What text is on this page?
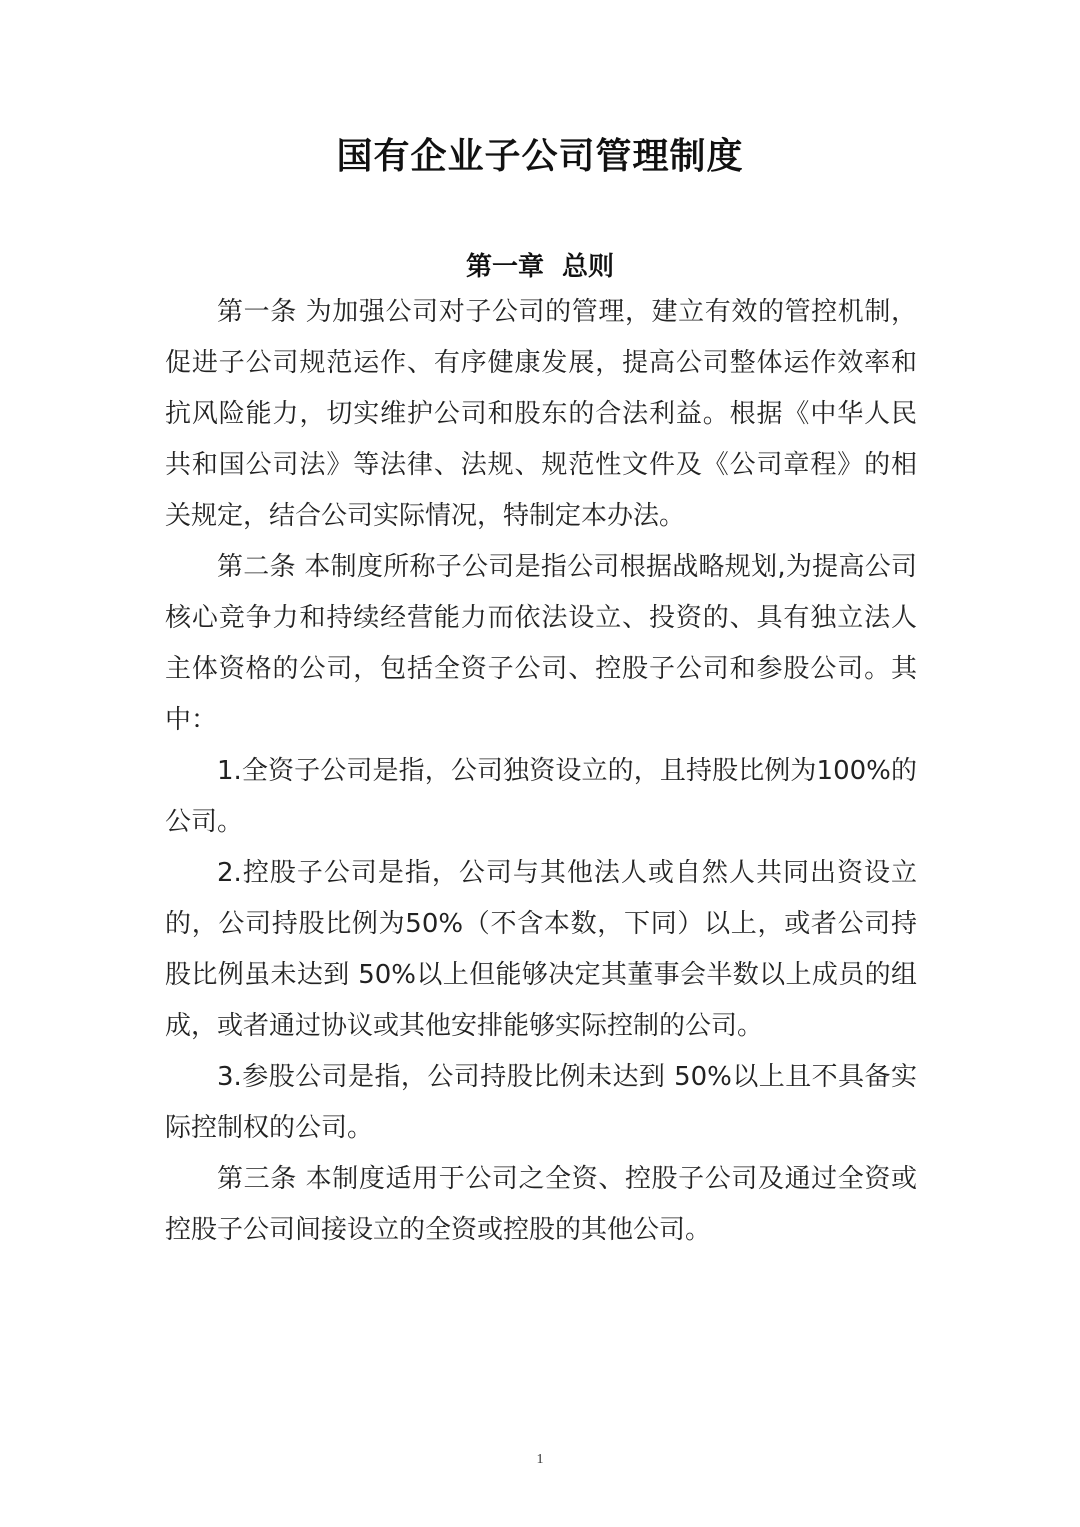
国有企业子公司管理制度
第一章  总则

第一条 为加强公司对子公司的管理，建立有效的管控机制，促进子公司规范运作、有序健康发展，提高公司整体运作效率和抗风险能力，切实维护公司和股东的合法利益。根据《中华人民共和国公司法》等法律、法规、规范性文件及《公司章程》的相关规定，结合公司实际情况，特制定本办法。

第二条 本制度所称子公司是指公司根据战略规划,为提高公司核心竞争力和持续经营能力而依法设立、投资的、具有独立法人主体资格的公司，包括全资子公司、控股子公司和参股公司。其中：

1.全资子公司是指，公司独资设立的，且持股比例为100%的公司。

2.控股子公司是指，公司与其他法人或自然人共同出资设立的，公司持股比例为50%（不含本数，下同）以上，或者公司持股比例虽未达到 50%以上但能够决定其董事会半数以上成员的组成，或者通过协议或其他安排能够实际控制的公司。

3.参股公司是指，公司持股比例未达到 50%以上且不具备实际控制权的公司。

第三条 本制度适用于公司之全资、控股子公司及通过全资或控股子公司间接设立的全资或控股的其他公司。

1
